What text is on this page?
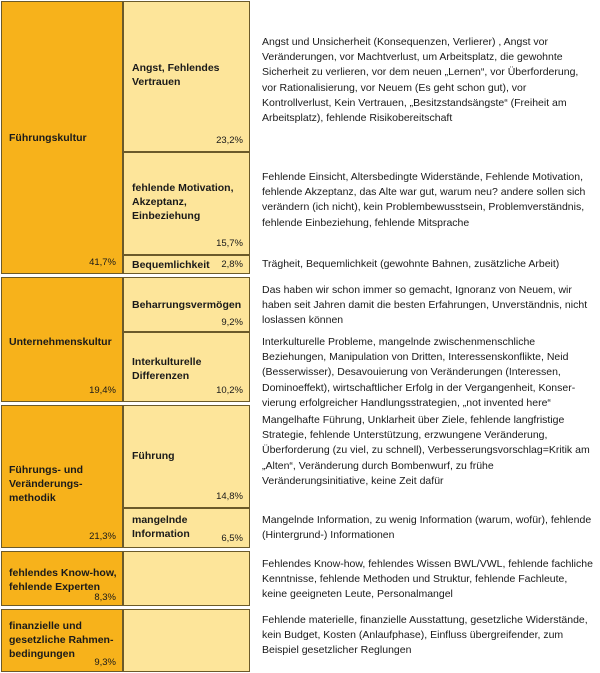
Führungskultur
41,7%
Angst, Fehlendes Vertrauen
23,2%
fehlende Motivation, Akzeptanz, Einbeziehung
15,7%
Bequemlichkeit	2,8%
Unternehmenskultur
19,4%
Beharrungsvermögen
9,2%
Interkulturelle Differenzen
10,2%
Führungs- und Veränderungs-methodik
21,3%
Führung
14,8%
mangelnde Information	6,5%
fehlendes Know-how, fehlende Experten
8,3%
finanzielle und gesetzliche Rahmen-bedingungen
9,3%
Angst und Unsicherheit (Konsequenzen, Verlierer) , Angst vor Veränderungen, vor Machtverlust, um Arbeitsplatz, die gewohnte Sicherheit zu verlieren, vor dem neuen „Lernen“, vor Überforderung, vor Rationalisierung, vor Neuem (Es geht schon gut), vor Kontrollverlust, Kein Vertrauen, „Besitzstandsängste“ (Freiheit am Arbeitsplatz), fehlende Risikobereitschaft
Fehlende Einsicht, Altersbedingte Widerstände, Fehlende Motivation, fehlende Akzeptanz, das Alte war gut, warum neu? andere sollen sich verändern (ich nicht), kein Problembewusstsein, Problemverständnis, fehlende Einbeziehung, fehlende Mitsprache
Trägheit, Bequemlichkeit (gewohnte Bahnen, zusätzliche Arbeit)
Das haben wir schon immer so gemacht, Ignoranz von Neuem, wir haben seit Jahren damit die besten Erfahrungen, Unverständnis, nicht loslassen können
Interkulturelle Probleme, mangelnde zwischenmenschliche Beziehungen, Manipulation von Dritten, Interessenskonflikte, Neid (Besserwisser), Desavouierung von Veränderungen (Interessen, Dominoeffekt), wirtschaftlicher Erfolg in der Vergangenheit, Konser-vierung erfolgreicher Handlungsstrategien, „not invented here“
Mangelhafte Führung, Unklarheit über Ziele, fehlende langfristige Strategie, fehlende Unterstützung, erzwungene Veränderung, Überforderung (zu viel, zu schnell), Verbesserungsvorschlag=Kritik am „Alten“, Veränderung durch Bombenwurf, zu frühe Veränderungsinitiative, keine Zeit dafür
Mangelnde Information, zu wenig Information (warum, wofür), fehlende (Hintergrund-) Informationen
Fehlendes Know-how, fehlendes Wissen BWL/VWL, fehlende fachliche Kenntnisse, fehlende Methoden und Struktur, fehlende Fachleute, keine geeigneten Leute, Personalmangel
Fehlende materielle, finanzielle Ausstattung, gesetzliche Widerstände, kein Budget, Kosten (Anlaufphase), Einfluss übergreifender, zum Beispiel gesetzlicher Reglungen
